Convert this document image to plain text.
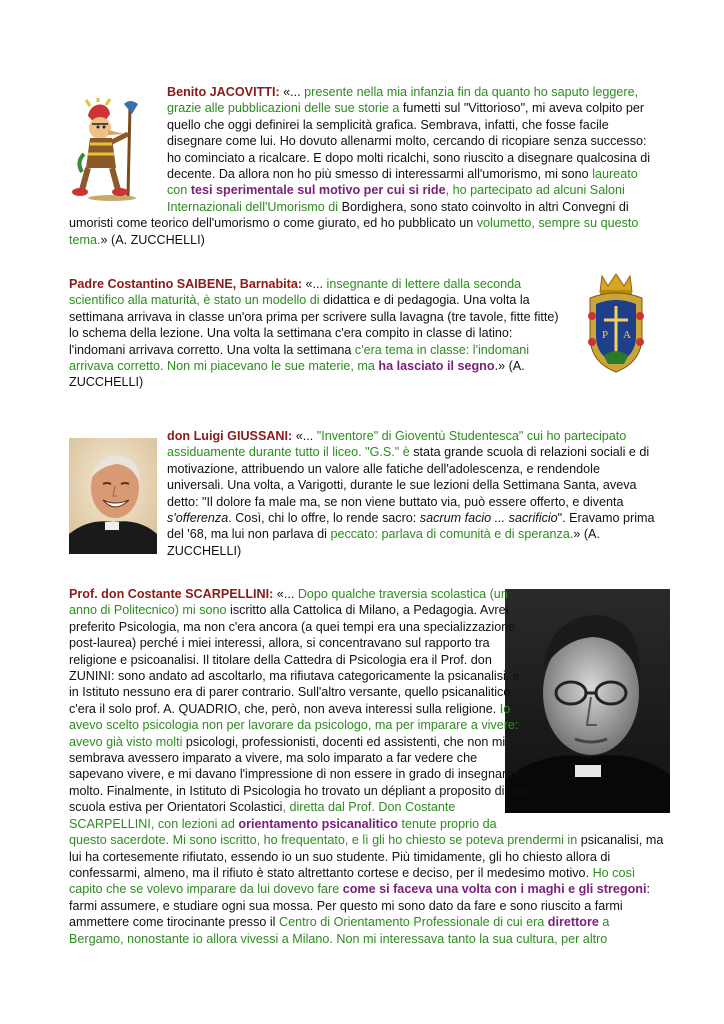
Benito JACOVITTI: «... presente nella mia infanzia fin da quanto ho saputo leggere, grazie alle pubblicazioni delle sue storie a fumetti sul "Vittorioso", mi aveva colpito per quello che oggi definirei la semplicità grafica. Sembrava, infatti, che fosse facile disegnare come lui. Ho dovuto allenarmi molto, cercando di ricopiare senza successo: ho cominciato a ricalcare. E dopo molti ricalchi, sono riuscito a disegnare qualcosina di decente. Da allora non ho più smesso di interessarmi all'umorismo, mi sono laureato con tesi sperimentale sul motivo per cui si ride, ho partecipato ad alcuni Saloni Internazionali dell'Umorismo di Bordighera, sono stato coinvolto in altri Convegni di umoristi come teorico dell'umorismo o come giurato, ed ho pubblicato un volumetto, sempre su questo tema.» (A. ZUCCHELLI)

Padre Costantino SAIBENE, Barnabita: «... insegnante di lettere dalla seconda scientifico alla maturità, è stato un modello di didattica e di pedagogia. Una volta la settimana arrivava in classe un'ora prima per scrivere sulla lavagna (tre tavole, fitte fitte) lo schema della lezione. Una volta la settimana c'era compito in classe di latino: l'indomani arrivava corretto. Una volta la settimana c'era tema in classe: l'indomani arrivava corretto. Non mi piacevano le sue materie, ma ha lasciato il segno.» (A. ZUCCHELLI)

P A

don Luigi GIUSSANI: «... "Inventore" di Gioventù Studentesca" cui ho partecipato assiduamente durante tutto il liceo. "G.S." è stata grande scuola di relazioni sociali e di motivazione, attribuendo un valore alle fatiche dell'adolescenza, e rendendole universali. Una volta, a Varigotti, durante le sue lezioni della Settimana Santa, aveva detto: "Il dolore fa male ma, se non viene buttato via, può essere offerto, e diventa s'offerenza. Così, chi lo offre, lo rende sacro: sacrum facio ... sacrificio". Eravamo prima del '68, ma lui non parlava di peccato: parlava di comunità e di speranza.» (A. ZUCCHELLI)

Prof. don Costante SCARPELLINI: «... Dopo qualche traversia scolastica (un anno di Politecnico) mi sono iscritto alla Cattolica di Milano, a Pedagogia. Avrei preferito Psicologia, ma non c'era ancora (a quei tempi era una specializzazione post-laurea) perché i miei interessi, allora, si concentravano sul rapporto tra religione e psicoanalisi. Il titolare della Cattedra di Psicologia era il Prof. don ZUNINI: sono andato ad ascoltarlo, ma rifiutava categoricamente la psicanalisi, e in Istituto nessuno era di parer contrario. Sull'altro versante, quello psicanalitico, c'era il solo prof. A. QUADRIO, che, però, non aveva interessi sulla religione. Io avevo scelto psicologia non per lavorare da psicologo, ma per imparare a vivere: avevo già visto molti psicologi, professionisti, docenti ed assistenti, che non mi sembrava avessero imparato a vivere, ma solo imparato a far vedere che sapevano vivere, e mi davano l'impressione di non essere in grado di insegnarmi molto. Finalmente, in Istituto di Psicologia ho trovato un dépliant a proposito di una scuola estiva per Orientatori Scolastici, diretta dal Prof. Don Costante SCARPELLINI, con lezioni ad orientamento psicanalitico tenute proprio da questo sacerdote. Mi sono iscritto, ho frequentato, e lì gli ho chiesto se poteva prendermi in psicanalisi, ma lui ha cortesemente rifiutato, essendo io un suo studente. Più timidamente, gli ho chiesto allora di confessarmi, almeno, ma il rifiuto è stato altrettanto cortese e deciso, per il medesimo motivo. Ho così capito che se volevo imparare da lui dovevo fare come si faceva una volta con i maghi e gli stregoni: farmi assumere, e studiare ogni sua mossa. Per questo mi sono dato da fare e sono riuscito a farmi ammettere come tirocinante presso il Centro di Orientamento Professionale di cui era direttore a Bergamo, nonostante io allora vivessi a Milano. Non mi interessava tanto la sua cultura, per altro
